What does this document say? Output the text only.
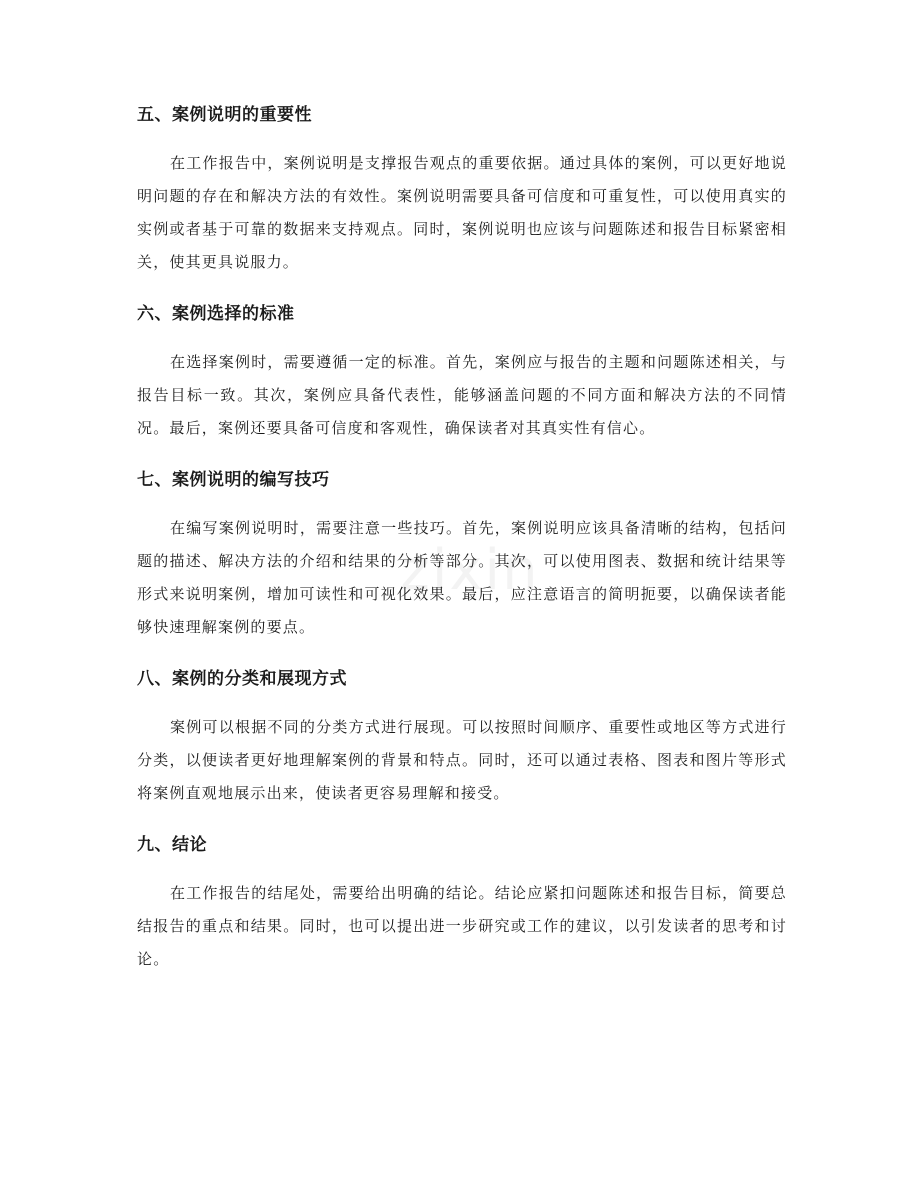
五、案例说明的重要性

在工作报告中，案例说明是支撑报告观点的重要依据。通过具体的案例，可以更好地说明问题的存在和解决方法的有效性。案例说明需要具备可信度和可重复性，可以使用真实的实例或者基于可靠的数据来支持观点。同时，案例说明也应该与问题陈述和报告目标紧密相关，使其更具说服力。

六、案例选择的标准

在选择案例时，需要遵循一定的标准。首先，案例应与报告的主题和问题陈述相关，与报告目标一致。其次，案例应具备代表性，能够涵盖问题的不同方面和解决方法的不同情况。最后，案例还要具备可信度和客观性，确保读者对其真实性有信心。

七、案例说明的编写技巧

在编写案例说明时，需要注意一些技巧。首先，案例说明应该具备清晰的结构，包括问题的描述、解决方法的介绍和结果的分析等部分。其次，可以使用图表、数据和统计结果等形式来说明案例，增加可读性和可视化效果。最后，应注意语言的简明扼要，以确保读者能够快速理解案例的要点。

八、案例的分类和展现方式

案例可以根据不同的分类方式进行展现。可以按照时间顺序、重要性或地区等方式进行分类，以便读者更好地理解案例的背景和特点。同时，还可以通过表格、图表和图片等形式将案例直观地展示出来，使读者更容易理解和接受。

九、结论

在工作报告的结尾处，需要给出明确的结论。结论应紧扣问题陈述和报告目标，简要总结报告的重点和结果。同时，也可以提出进一步研究或工作的建议，以引发读者的思考和讨论。
